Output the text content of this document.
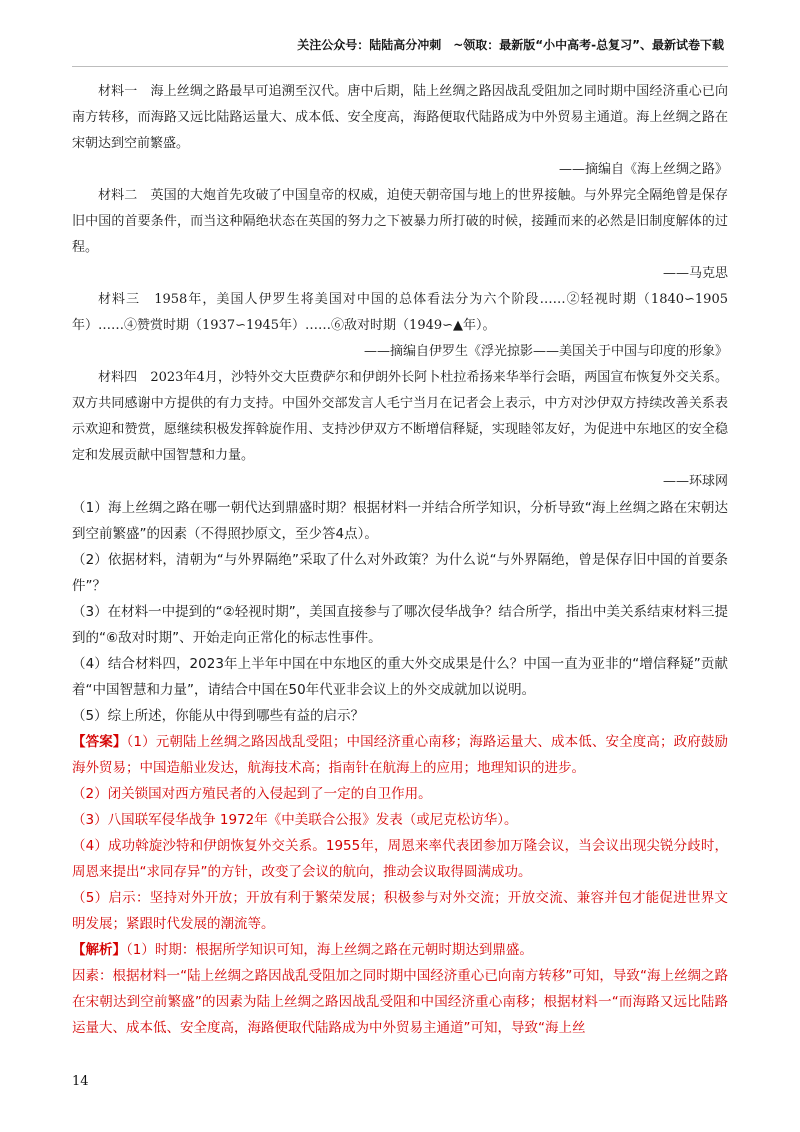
关注公众号：陆陆高分冲刺　~领取：最新版“小中高考-总复习”、最新试卷下载

材料一　海上丝绸之路最早可追溯至汉代。唐中后期，陆上丝绸之路因战乱受阻加之同时期中国经济重心已向南方转移，而海路又远比陆路运量大、成本低、安全度高，海路便取代陆路成为中外贸易主通道。海上丝绸之路在宋朝达到空前繁盛。

——摘编自《海上丝绸之路》

材料二　英国的大炮首先攻破了中国皇帝的权威，迫使天朝帝国与地上的世界接触。与外界完全隔绝曾是保存旧中国的首要条件，而当这种隔绝状态在英国的努力之下被暴力所打破的时候，接踵而来的必然是旧制度解体的过程。

——马克思

材料三　1958年，美国人伊罗生将美国对中国的总体看法分为六个阶段……②轻视时期（1840∽1905年）……④赞赏时期（1937∽1945年）……⑥敌对时期（1949∽▲年）。

——摘编自伊罗生《浮光掠影——美国关于中国与印度的形象》

材料四　2023年4月，沙特外交大臣费萨尔和伊朗外长阿卜杜拉希扬来华举行会晤，两国宣布恢复外交关系。双方共同感谢中方提供的有力支持。中国外交部发言人毛宁当月在记者会上表示，中方对沙伊双方持续改善关系表示欢迎和赞赏，愿继续积极发挥斡旋作用、支持沙伊双方不断增信释疑，实现睦邻友好，为促进中东地区的安全稳定和发展贡献中国智慧和力量。

——环球网

（1）海上丝绸之路在哪一朝代达到鼎盛时期？根据材料一并结合所学知识，分析导致“海上丝绸之路在宋朝达到空前繁盛”的因素（不得照抄原文，至少答4点）。

（2）依据材料，清朝为“与外界隔绝”采取了什么对外政策？为什么说“与外界隔绝，曾是保存旧中国的首要条件”？

（3）在材料一中提到的“②轻视时期”，美国直接参与了哪次侵华战争？结合所学，指出中美关系结束材料三提到的“⑥敌对时期”、开始走向正常化的标志性事件。

（4）结合材料四，2023年上半年中国在中东地区的重大外交成果是什么？中国一直为亚非的“增信释疑”贡献着“中国智慧和力量”，请结合中国在50年代亚非会议上的外交成就加以说明。

（5）综上所述，你能从中得到哪些有益的启示？

【答案】（1）元朝陆上丝绸之路因战乱受阻；中国经济重心南移；海路运量大、成本低、安全度高；政府鼓励海外贸易；中国造船业发达，航海技术高；指南针在航海上的应用；地理知识的进步。

（2）闭关锁国对西方殖民者的入侵起到了一定的自卫作用。

（3）八国联军侵华战争 1972年《中美联合公报》发表（或尼克松访华）。

（4）成功斡旋沙特和伊朗恢复外交关系。1955年，周恩来率代表团参加万隆会议，当会议出现尖锐分歧时，周恩来提出“求同存异”的方针，改变了会议的航向，推动会议取得圆满成功。

（5）启示：坚持对外开放；开放有利于繁荣发展；积极参与对外交流；开放交流、兼容并包才能促进世界文明发展；紧跟时代发展的潮流等。

【解析】（1）时期：根据所学知识可知，海上丝绸之路在元朝时期达到鼎盛。

因素：根据材料一“陆上丝绸之路因战乱受阻加之同时期中国经济重心已向南方转移”可知，导致“海上丝绸之路在宋朝达到空前繁盛”的因素为陆上丝绸之路因战乱受阻和中国经济重心南移；根据材料一“而海路又远比陆路运量大、成本低、安全度高，海路便取代陆路成为中外贸易主通道”可知，导致“海上丝

14
